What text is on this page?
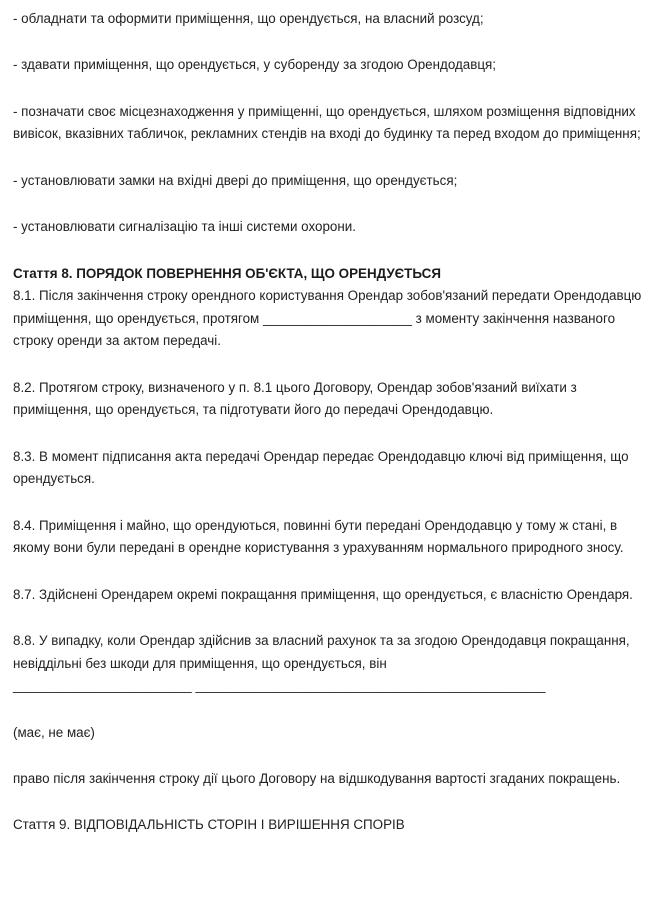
- обладнати та оформити приміщення, що орендується, на власний розсуд;

- здавати приміщення, що орендується, у суборенду за згодою Орендодавця;

- позначати своє місцезнаходження у приміщенні, що орендується, шляхом розміщення відповідних вивісок, вказівних табличок, рекламних стендів на вході до будинку та перед входом до приміщення;

- установлювати замки на вхідні двері до приміщення, що орендується;

- установлювати сигналізацію та інші системи охорони.

Стаття 8. ПОРЯДОК ПОВЕРНЕННЯ ОБ'ЄКТА, ЩО ОРЕНДУЄТЬСЯ

8.1. Після закінчення строку орендного користування Орендар зобов'язаний передати Орендодавцю приміщення, що орендується, протягом ____________________ з моменту закінчення названого строку оренди за актом передачі.

8.2. Протягом строку, визначеного у п. 8.1 цього Договору, Орендар зобов'язаний виїхати з приміщення, що орендується, та підготувати його до передачі Орендодавцю.

8.3. В момент підписання акта передачі Орендар передає Орендодавцю ключі від приміщення, що орендується.

8.4. Приміщення і майно, що орендуються, повинні бути передані Орендодавцю у тому ж стані, в якому вони були передані в орендне користування з урахуванням нормального природного зносу.

8.7. Здійснені Орендарем окремі покращання приміщення, що орендується, є власністю Орендаря.

8.8. У випадку, коли Орендар здійснив за власний рахунок та за згодою Орендодавця покращання, невіддільні без шкоди для приміщення, що орендується, він
________________________ _______________________________________________

(має, не має)

право після закінчення строку дії цього Договору на відшкодування вартості згаданих покращень.

Стаття 9. ВІДПОВІДАЛЬНІСТЬ СТОРІН І ВИРІШЕННЯ СПОРІВ
